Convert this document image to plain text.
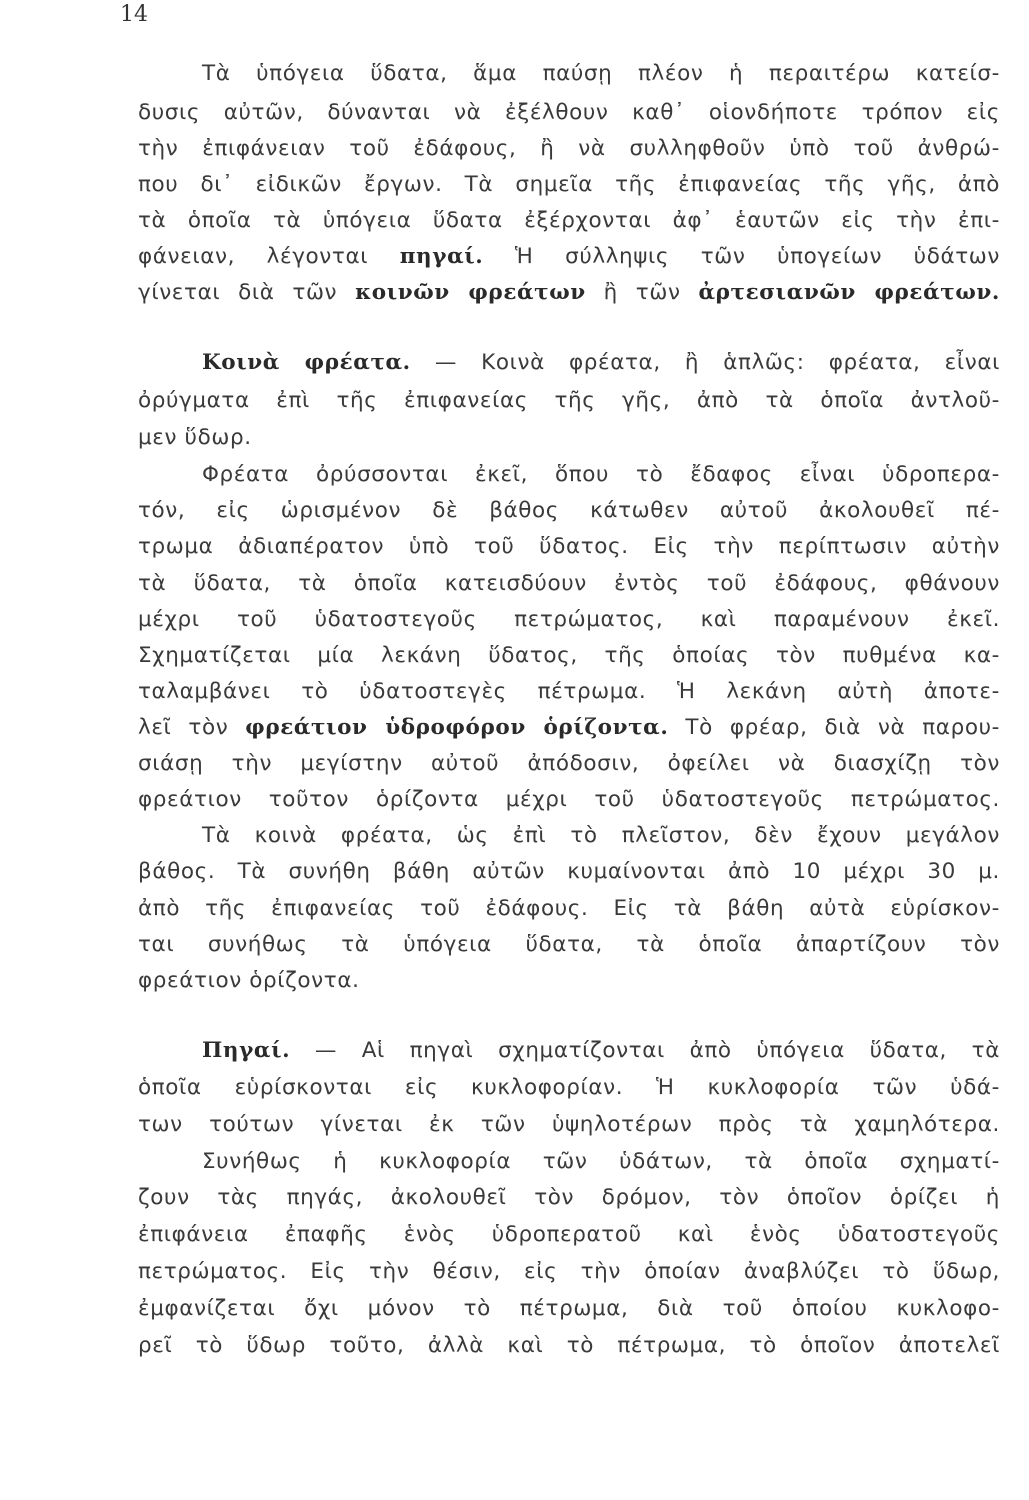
14
Τὰ ὑπόγεια ὕδατα, ἅμα παύσῃ πλέον ἡ περαιτέρω κατείσ-
δυσις αὐτῶν, δύνανται νὰ ἐξέλθουν καθ᾽ οἱονδήποτε τρόπον εἰς
τὴν ἐπιφάνειαν τοῦ ἐδάφους, ἢ νὰ συλληφθοῦν ὑπὸ τοῦ ἀνθρώ-
που δι᾽ εἰδικῶν ἔργων. Τὰ σημεῖα τῆς ἐπιφανείας τῆς γῆς, ἀπὸ
τὰ ὁποῖα τὰ ὑπόγεια ὕδατα ἐξέρχονται ἀφ᾽ ἑαυτῶν εἰς τὴν ἐπι-
φάνειαν, λέγονται πηγαί. Ἡ σύλληψις τῶν ὑπογείων ὑδάτων
γίνεται διὰ τῶν κοινῶν φρεάτων ἢ τῶν ἀρτεσιανῶν φρεάτων.
Κοινὰ φρέατα. — Κοινὰ φρέατα, ἢ ἁπλῶς: φρέατα, εἶναι
ὀρύγματα ἐπὶ τῆς ἐπιφανείας τῆς γῆς, ἀπὸ τὰ ὁποῖα ἀντλοῦ-
μεν ὕδωρ.
Φρέατα ὀρύσσονται ἐκεῖ, ὅπου τὸ ἔδαφος εἶναι ὑδροπερα-
τόν, εἰς ὡρισμένον δὲ βάθος κάτωθεν αὐτοῦ ἀκολουθεῖ πέ-
τρωμα ἀδιαπέρατον ὑπὸ τοῦ ὕδατος. Εἰς τὴν περίπτωσιν αὐτὴν
τὰ ὕδατα, τὰ ὁποῖα κατεισδύουν ἐντὸς τοῦ ἐδάφους, φθάνουν
μέχρι τοῦ ὑδατοστεγοῦς πετρώματος, καὶ παραμένουν ἐκεῖ.
Σχηματίζεται μία λεκάνη ὕδατος, τῆς ὁποίας τὸν πυθμένα κα-
ταλαμβάνει τὸ ὑδατοστεγὲς πέτρωμα. Ἡ λεκάνη αὐτὴ ἀποτε-
λεῖ τὸν φρεάτιον ὑδροφόρον ὁρίζοντα. Τὸ φρέαρ, διὰ νὰ παρου-
σιάσῃ τὴν μεγίστην αὐτοῦ ἀπόδοσιν, ὀφείλει νὰ διασχίζῃ τὸν
φρεάτιον τοῦτον ὁρίζοντα μέχρι τοῦ ὑδατοστεγοῦς πετρώματος.
Τὰ κοινὰ φρέατα, ὡς ἐπὶ τὸ πλεῖστον, δὲν ἔχουν μεγάλον
βάθος. Τὰ συνήθη βάθη αὐτῶν κυμαίνονται ἀπὸ 10 μέχρι 30 μ.
ἀπὸ τῆς ἐπιφανείας τοῦ ἐδάφους. Εἰς τὰ βάθη αὐτὰ εὑρίσκον-
ται συνήθως τὰ ὑπόγεια ὕδατα, τὰ ὁποῖα ἀπαρτίζουν τὸν
φρεάτιον ὁρίζοντα.
Πηγαί. — Αἱ πηγαὶ σχηματίζονται ἀπὸ ὑπόγεια ὕδατα, τὰ
ὁποῖα εὑρίσκονται εἰς κυκλοφορίαν. Ἡ κυκλοφορία τῶν ὑδά-
των τούτων γίνεται ἐκ τῶν ὑψηλοτέρων πρὸς τὰ χαμηλότερα.
Συνήθως ἡ κυκλοφορία τῶν ὑδάτων, τὰ ὁποῖα σχηματί-
ζουν τὰς πηγάς, ἀκολουθεῖ τὸν δρόμον, τὸν ὁποῖον ὁρίζει ἡ
ἐπιφάνεια ἐπαφῆς ἑνὸς ὑδροπερατοῦ καὶ ἑνὸς ὑδατοστεγοῦς
πετρώματος. Εἰς τὴν θέσιν, εἰς τὴν ὁποίαν ἀναβλύζει τὸ ὕδωρ,
ἐμφανίζεται ὄχι μόνον τὸ πέτρωμα, διὰ τοῦ ὁποίου κυκλοφο-
ρεῖ τὸ ὕδωρ τοῦτο, ἀλλὰ καὶ τὸ πέτρωμα, τὸ ὁποῖον ἀποτελεῖ
